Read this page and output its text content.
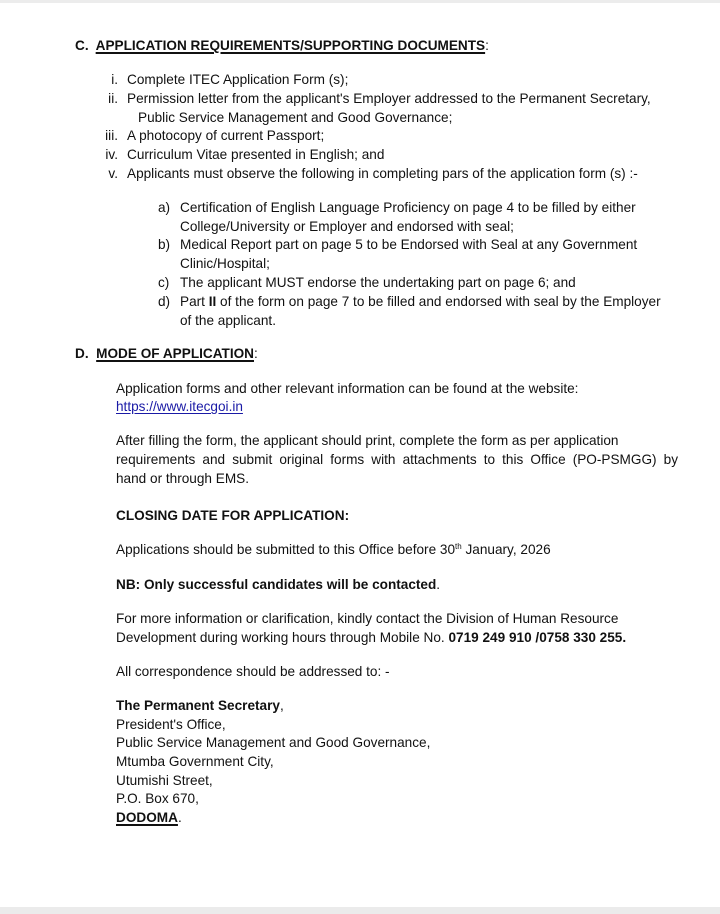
C. APPLICATION REQUIREMENTS/SUPPORTING DOCUMENTS:
i. Complete ITEC Application Form (s);
ii. Permission letter from the applicant's Employer addressed to the Permanent Secretary,
Public Service Management and Good Governance;
iii. A photocopy of current Passport;
iv. Curriculum Vitae presented in English; and
v. Applicants must observe the following in completing pars of the application form (s) :-
a) Certification of English Language Proficiency on page 4 to be filled by either
College/University or Employer and endorsed with seal;
b) Medical Report part on page 5 to be Endorsed with Seal at any Government
Clinic/Hospital;
c) The applicant MUST endorse the undertaking part on page 6; and
d) Part II of the form on page 7 to be filled and endorsed with seal by the Employer
of the applicant.
D. MODE OF APPLICATION:
Application forms and other relevant information can be found at the website:
https://www.itecgoi.in
After filling the form, the applicant should print, complete the form as per application
requirements and submit original forms with attachments to this Office (PO-PSMGG) by
hand or through EMS.
CLOSING DATE FOR APPLICATION:
Applications should be submitted to this Office before 30th January, 2026
NB: Only successful candidates will be contacted.
For more information or clarification, kindly contact the Division of Human Resource
Development during working hours through Mobile No. 0719 249 910 /0758 330 255.
All correspondence should be addressed to: -
The Permanent Secretary,
President's Office,
Public Service Management and Good Governance,
Mtumba Government City,
Utumishi Street,
P.O. Box 670,
DODOMA.
